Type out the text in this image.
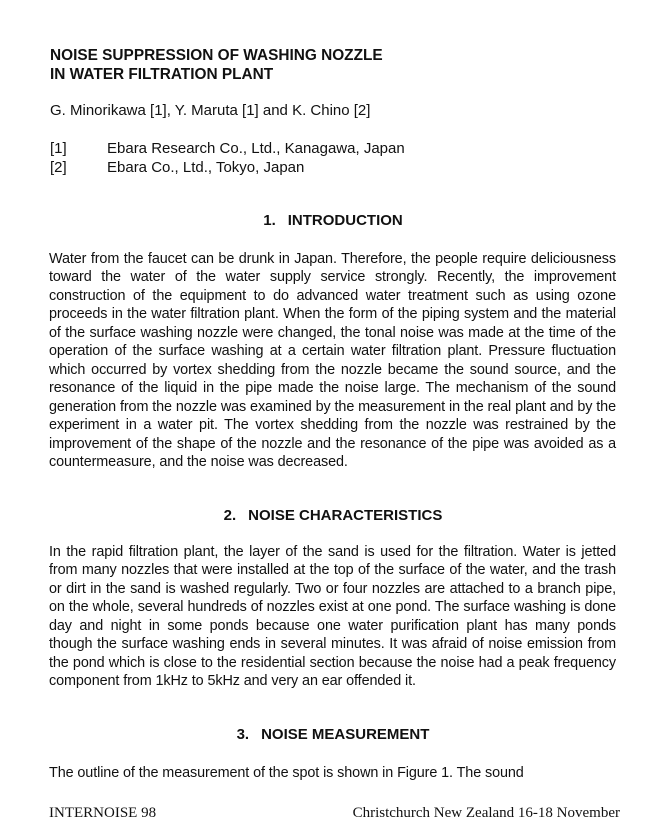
NOISE SUPPRESSION OF WASHING NOZZLE
IN WATER FILTRATION PLANT

G. Minorikawa [1], Y. Maruta [1] and K. Chino [2]

[1]	Ebara Research Co., Ltd., Kanagawa, Japan
[2]	Ebara Co., Ltd., Tokyo, Japan
1. INTRODUCTION

Water from the faucet can be drunk in Japan. Therefore, the people require deliciousness toward the water of the water supply service strongly. Recently, the improvement construction of the equipment to do advanced water treatment such as using ozone proceeds in the water filtration plant. When the form of the piping system and the material of the surface washing nozzle were changed, the tonal noise was made at the time of the operation of the surface washing at a certain water filtration plant. Pressure fluctuation which occurred by vortex shedding from the nozzle became the sound source, and the resonance of the liquid in the pipe made the noise large. The mechanism of the sound generation from the nozzle was examined by the measurement in the real plant and by the experiment in a water pit. The vortex shedding from the nozzle was restrained by the improvement of the shape of the nozzle and the resonance of the pipe was avoided as a countermeasure, and the noise was decreased.

2. NOISE CHARACTERISTICS

In the rapid filtration plant, the layer of the sand is used for the filtration. Water is jetted from many nozzles that were installed at the top of the surface of the water, and the trash or dirt in the sand is washed regularly. Two or four nozzles are attached to a branch pipe, on the whole, several hundreds of nozzles exist at one pond. The surface washing is done day and night in some ponds because one water purification plant has many ponds though the surface washing ends in several minutes. It was afraid of noise emission from the pond which is close to the residential section because the noise had a peak frequency component from 1kHz to 5kHz and very an ear offended it.

3. NOISE MEASUREMENT

The outline of the measurement of the spot is shown in Figure 1. The sound

INTERNOISE 98	Christchurch New Zealand 16-18 November
